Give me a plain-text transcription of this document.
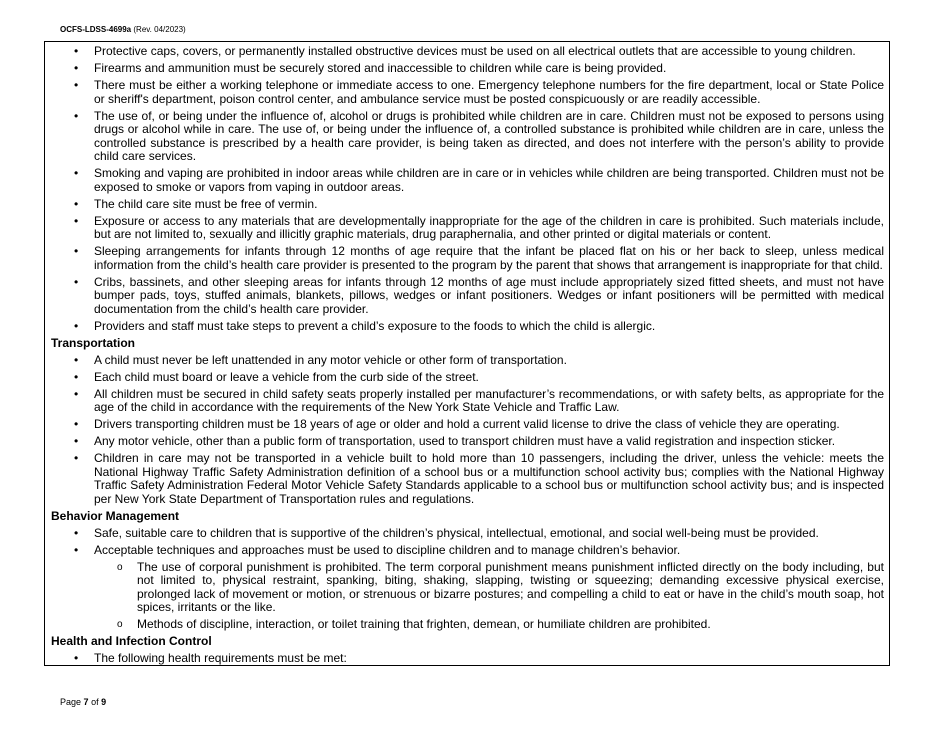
OCFS-LDSS-4699a (Rev. 04/2023)
• Protective caps, covers, or permanently installed obstructive devices must be used on all electrical outlets that are accessible to young children.
• Firearms and ammunition must be securely stored and inaccessible to children while care is being provided.
• There must be either a working telephone or immediate access to one. Emergency telephone numbers for the fire department, local or State Police or sheriff's department, poison control center, and ambulance service must be posted conspicuously or are readily accessible.
• The use of, or being under the influence of, alcohol or drugs is prohibited while children are in care. Children must not be exposed to persons using drugs or alcohol while in care. The use of, or being under the influence of, a controlled substance is prohibited while children are in care, unless the controlled substance is prescribed by a health care provider, is being taken as directed, and does not interfere with the person’s ability to provide child care services.
• Smoking and vaping are prohibited in indoor areas while children are in care or in vehicles while children are being transported. Children must not be exposed to smoke or vapors from vaping in outdoor areas.
• The child care site must be free of vermin.
• Exposure or access to any materials that are developmentally inappropriate for the age of the children in care is prohibited. Such materials include, but are not limited to, sexually and illicitly graphic materials, drug paraphernalia, and other printed or digital materials or content.
• Sleeping arrangements for infants through 12 months of age require that the infant be placed flat on his or her back to sleep, unless medical information from the child’s health care provider is presented to the program by the parent that shows that arrangement is inappropriate for that child.
• Cribs, bassinets, and other sleeping areas for infants through 12 months of age must include appropriately sized fitted sheets, and must not have bumper pads, toys, stuffed animals, blankets, pillows, wedges or infant positioners. Wedges or infant positioners will be permitted with medical documentation from the child’s health care provider.
• Providers and staff must take steps to prevent a child’s exposure to the foods to which the child is allergic.
Transportation
• A child must never be left unattended in any motor vehicle or other form of transportation.
• Each child must board or leave a vehicle from the curb side of the street.
• All children must be secured in child safety seats properly installed per manufacturer’s recommendations, or with safety belts, as appropriate for the age of the child in accordance with the requirements of the New York State Vehicle and Traffic Law.
• Drivers transporting children must be 18 years of age or older and hold a current valid license to drive the class of vehicle they are operating.
• Any motor vehicle, other than a public form of transportation, used to transport children must have a valid registration and inspection sticker.
• Children in care may not be transported in a vehicle built to hold more than 10 passengers, including the driver, unless the vehicle: meets the National Highway Traffic Safety Administration definition of a school bus or a multifunction school activity bus; complies with the National Highway Traffic Safety Administration Federal Motor Vehicle Safety Standards applicable to a school bus or multifunction school activity bus; and is inspected per New York State Department of Transportation rules and regulations.
Behavior Management
• Safe, suitable care to children that is supportive of the children’s physical, intellectual, emotional, and social well-being must be provided.
• Acceptable techniques and approaches must be used to discipline children and to manage children’s behavior.
o The use of corporal punishment is prohibited. The term corporal punishment means punishment inflicted directly on the body including, but not limited to, physical restraint, spanking, biting, shaking, slapping, twisting or squeezing; demanding excessive physical exercise, prolonged lack of movement or motion, or strenuous or bizarre postures; and compelling a child to eat or have in the child’s mouth soap, hot spices, irritants or the like.
o Methods of discipline, interaction, or toilet training that frighten, demean, or humiliate children are prohibited.
Health and Infection Control
• The following health requirements must be met:
Page 7 of 9
